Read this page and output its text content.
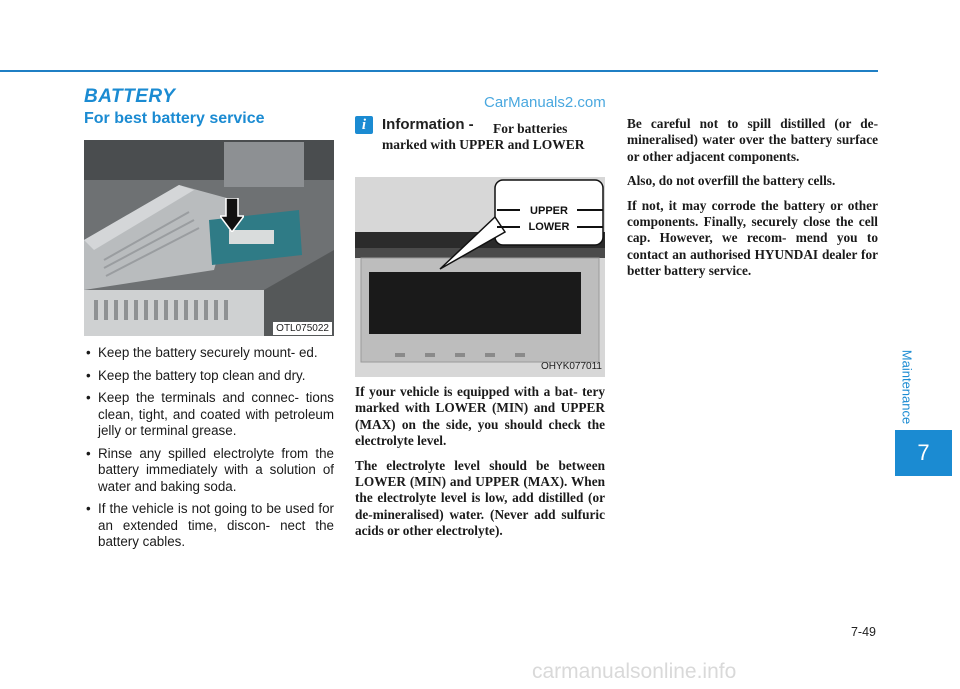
BATTERY	CarManuals2.com
For best battery service
OTL075022
• Keep the battery securely mount- ed.
• Keep the battery top clean and dry.
• Keep the terminals and connec- tions clean, tight, and coated with petroleum jelly or terminal grease.
• Rinse any spilled electrolyte from the battery immediately with a solution of water and baking soda.
• If the vehicle is not going to be used for an extended time, discon- nect the battery cables.
i	Information -	For batteries marked with UPPER and LOWER
UPPER
LOWER
OHYK077011

If your vehicle is equipped with a bat- tery marked with LOWER (MIN) and UPPER (MAX) on the side, you should check the electrolyte level.

The electrolyte level should be between LOWER (MIN) and UPPER (MAX). When the electrolyte level is low, add distilled (or de-mineralised) water. (Never add sulfuric acids or other electrolyte).

Be careful not to spill distilled (or de- mineralised) water over the battery surface or other adjacent components.

Also, do not overfill the battery cells.

If not, it may corrode the battery or other components. Finally, securely close the cell cap. However, we recom- mend you to contact an authorised HYUNDAI dealer for better battery service.

Maintenance
7
7-49
carmanualsonline.info
